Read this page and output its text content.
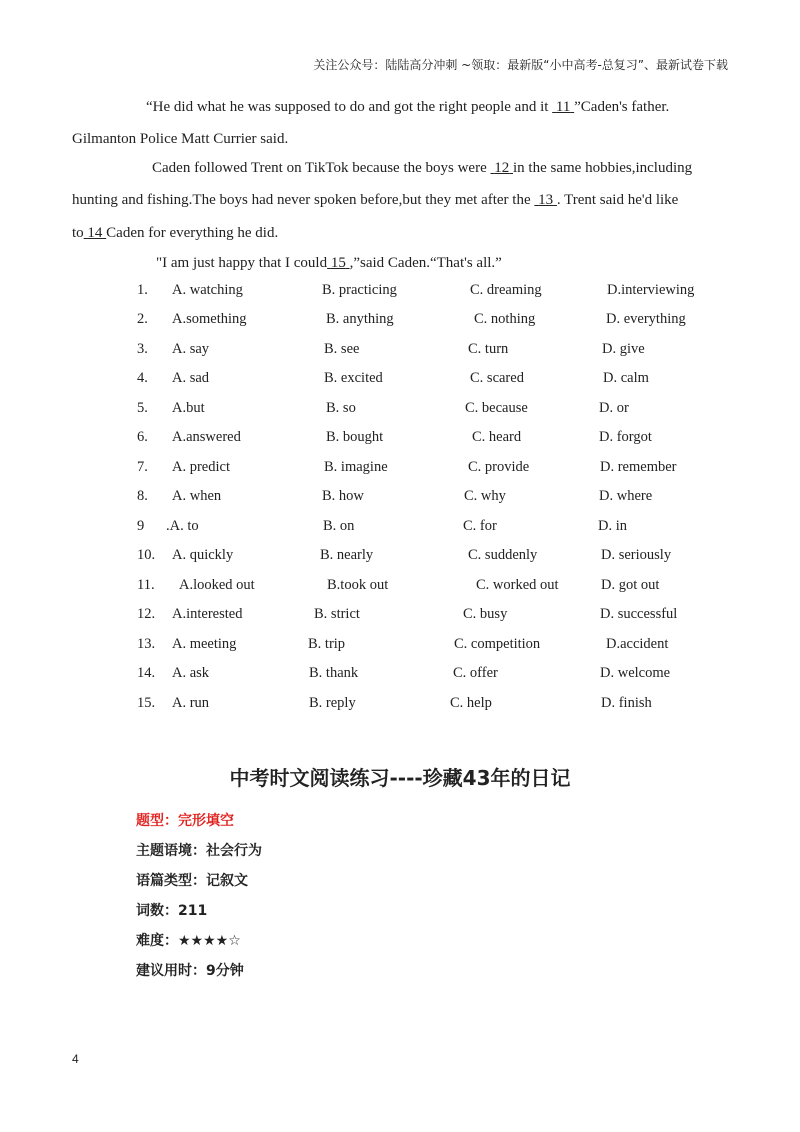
关注公众号：陆陆高分冲刺 ~领取：最新版“小中高考-总复习”、最新试卷下载
“He did what he was supposed to do and got the right people and it 11 ”Caden's father.
Gilmanton Police Matt Currier said.
Caden followed Trent on TikTok because the boys were 12 in the same hobbies,including
hunting and fishing.The boys had never spoken before,but they met after the 13 . Trent said he'd like
to 14 Caden for everything he did.
"I am just happy that I could 15 ,”said Caden.“That's all.”
1. A. watching	B. practicing	C. dreaming	D.interviewing
2. A.something	B. anything	C. nothing	D. everything
3. A. say	B. see	C. turn	D. give
4. A. sad	B. excited	C. scared	D. calm
5. A.but	B. so	C. because	D. or
6. A.answered	B. bought	C. heard	D. forgot
7. A. predict	B. imagine	C. provide	D. remember
8. A. when	B. how	C. why	D. where
9 .A. to	B. on	C. for	D. in
10. A. quickly	B. nearly	C. suddenly	D. seriously
11. A.looked out	B.took out	C. worked out	D. got out
12. A.interested	B. strict	C. busy	D. successful
13. A. meeting	B. trip	C. competition	D.accident
14. A. ask	B. thank	C. offer	D. welcome
15. A. run	B. reply	C. help	D. finish
中考时文阅读练习----珍藏43年的日记
题型：完形填空
主题语境：社会行为
语篇类型：记叙文
词数：211
难度：★★★★☆
建议用时：9分钟
4
